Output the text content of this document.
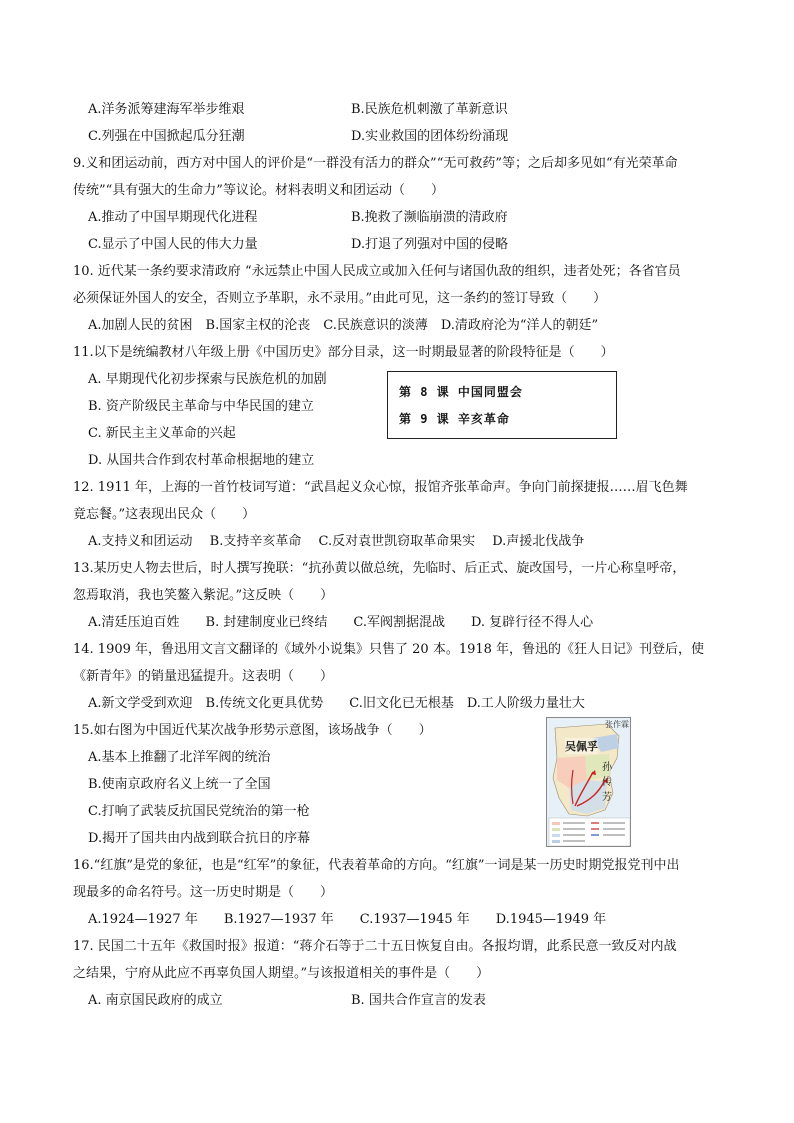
A.洋务派筹建海军举步维艰	B.民族危机刺激了革新意识
C.列强在中国掀起瓜分狂潮	D.实业救国的团体纷纷涌现
9.义和团运动前，西方对中国人的评价是“一群没有活力的群众”“无可救药”等；之后却多见如“有光荣革命
传统”“具有强大的生命力”等议论。材料表明义和团运动（　　）
A.推动了中国早期现代化进程	B.挽救了濒临崩溃的清政府
C.显示了中国人民的伟大力量	D.打退了列强对中国的侵略
10. 近代某一条约要求清政府 “永远禁止中国人民成立或加入任何与诸国仇敌的组织，违者处死；各省官员
必须保证外国人的安全，否则立予革职，永不录用。”由此可见，这一条约的签订导致（　　）
A.加剧人民的贫困　B.国家主权的沦丧　C.民族意识的淡薄　D.清政府沦为“洋人的朝廷”
11.以下是统编教材八年级上册《中国历史》部分目录，这一时期最显著的阶段特征是（　　）
A. 早期现代化初步探索与民族危机的加剧
B. 资产阶级民主革命与中华民国的建立
C. 新民主主义革命的兴起
D. 从国共合作到农村革命根据地的建立
第 8 课 中国同盟会
第 9 课 辛亥革命
12. 1911 年，上海的一首竹枝词写道：“武昌起义众心惊，报馆齐张革命声。争向门前探捷报……眉飞色舞
竟忘餐。”这表现出民众（　　）
A.支持义和团运动　 B.支持辛亥革命　 C.反对袁世凯窃取革命果实　 D.声援北伐战争
13.某历史人物去世后，时人撰写挽联：“抗孙黄以做总统，先临时、后正式、旋改国号，一片心称皇呼帝，
忽焉取消，我也笑鳌入紫泥。”这反映（　　）
A.清廷压迫百姓　　B. 封建制度业已终结　　C.军阀割据混战　　D. 复辟行径不得人心
14. 1909 年，鲁迅用文言文翻译的《域外小说集》只售了 20 本。1918 年，鲁迅的《狂人日记》刊登后，使
《新青年》的销量迅猛提升。这表明（　　）
A.新文学受到欢迎　B.传统文化更具优势　　C.旧文化已无根基　D.工人阶级力量壮大
15.如右图为中国近代某次战争形势示意图，该场战争（　　）
A.基本上推翻了北洋军阀的统治
B.使南京政府名义上统一了全国
C.打响了武装反抗国民党统治的第一枪
D.揭开了国共由内战到联合抗日的序幕
张作霖
吴佩孚
孙
传
芳
16.“红旗”是党的象征，也是“红军”的象征，代表着革命的方向。“红旗”一词是某一历史时期党报党刊中出
现最多的命名符号。这一历史时期是（　　）
A.1924—1927 年　　B.1927—1937 年　　C.1937—1945 年　　D.1945—1949 年
17. 民国二十五年《救国时报》报道：“蒋介石等于二十五日恢复自由。各报均谓，此系民意一致反对内战
之结果，宁府从此应不再辜负国人期望。”与该报道相关的事件是（　　）
A. 南京国民政府的成立	B. 国共合作宣言的发表
